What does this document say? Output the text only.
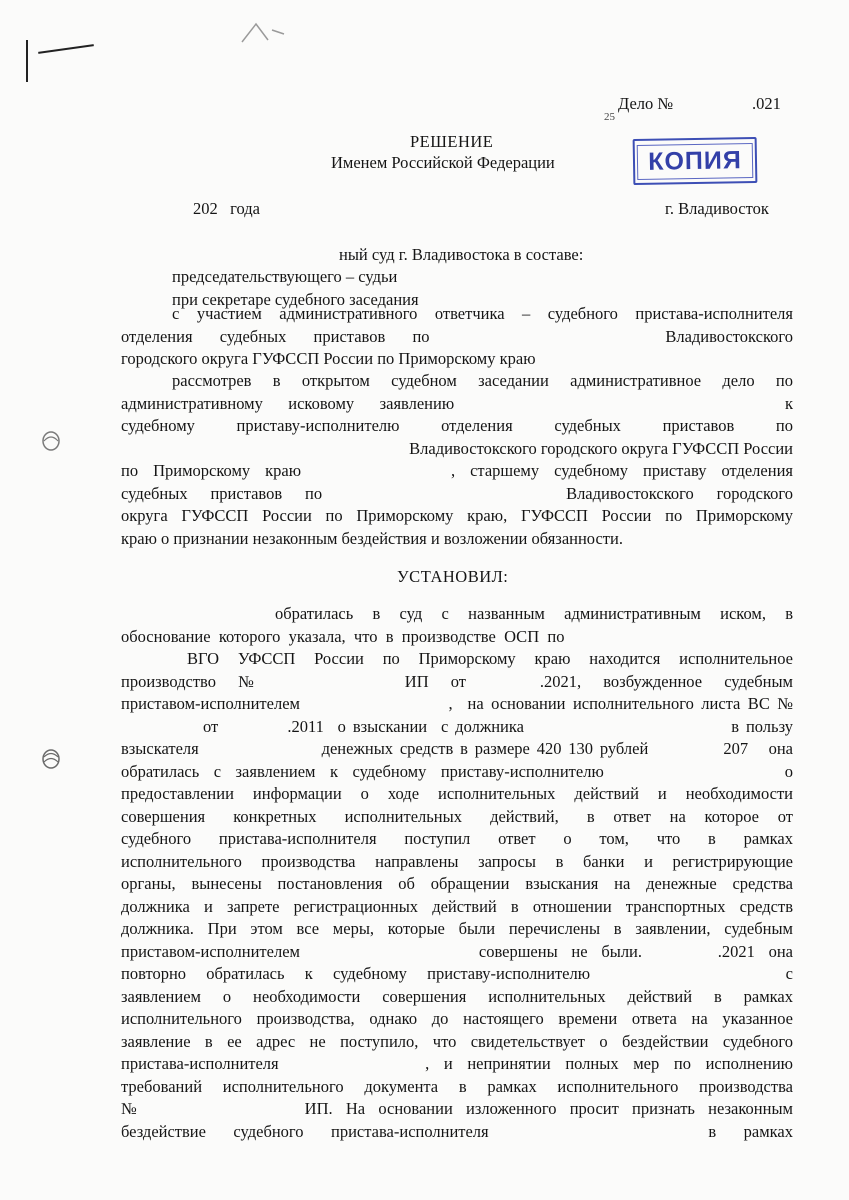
Дело №	.021
25
РЕШЕНИЕ
Именем Российской Федерации	КОПИЯ
202   года	г. Владивосток
ный суд г. Владивостока в составе:
председательствующего – судьи
при секретаре судебного заседания
с участием административного ответчика – судебного пристава-исполнителя
отделения   судебных   приставов   по                          Владивостокского
городского округа ГУФССП России по Приморскому краю
рассмотрев в открытом судебном заседании административное дело по
административному   исковому   заявлению                                       к
судебному    приставу-исполнителю    отделения    судебных    приставов    по
Владивостокского городского округа ГУФССП России
по  Приморскому  краю                    ,  старшему  судебному  приставу  отделения
судебных   приставов   по                                Владивостокского   городского
округа ГУФССП России по Приморскому краю, ГУФССП России по Приморскому
краю о признании незаконным бездействия и возложении обязанности.
УСТАНОВИЛ:
обратилась  в  суд  с  названным  административным  иском,  в
обоснование  которого  указала,  что  в  производстве  ОСП  по
ВГО УФССП России по Приморскому краю находится исполнительное
производство   №                    ИП   от          .2021,   возбужденное   судебным
приставом-исполнителем                    ,  на основании исполнительного листа ВС №
от          .2011  о взыскании  с должника                              в пользу
взыскателя                  денежных средств в размере 420 130 рублей           207   она
обратилась  с  заявлением  к  судебному  приставу-исполнителю                         о
предоставлении информации о ходе исполнительных действий и необходимости
совершения   конкретных   исполнительных   действий,   в  ответ  на  которое  от
судебного    пристава-исполнителя    поступил    ответ    о    том,    что    в    рамках
исполнительного производства направлены запросы в банки и регистрирующие
органы, вынесены постановления об обращении взыскания на денежные средства
должника и запрете регистрационных действий в отношении транспортных средств
должника. При этом все меры, которые были перечислены в заявлении, судебным
приставом-исполнителем                          совершены  не  были.           .2021  она
повторно   обратилась   к   судебному   приставу-исполнителю                             с
заявлением  о  необходимости  совершения  исполнительных  действий  в  рамках
исполнительного производства, однако до настоящего времени ответа на указанное
заявление в ее адрес не поступило, что свидетельствует о бездействии судебного
пристава-исполнителя                    ,  и  непринятии  полных  мер  по  исполнению
требований исполнительного документа в рамках исполнительного производства
№                         ИП.  На  основании  изложенного  просит  признать  незаконным
бездействие    судебного    пристава-исполнителя                                в    рамках
